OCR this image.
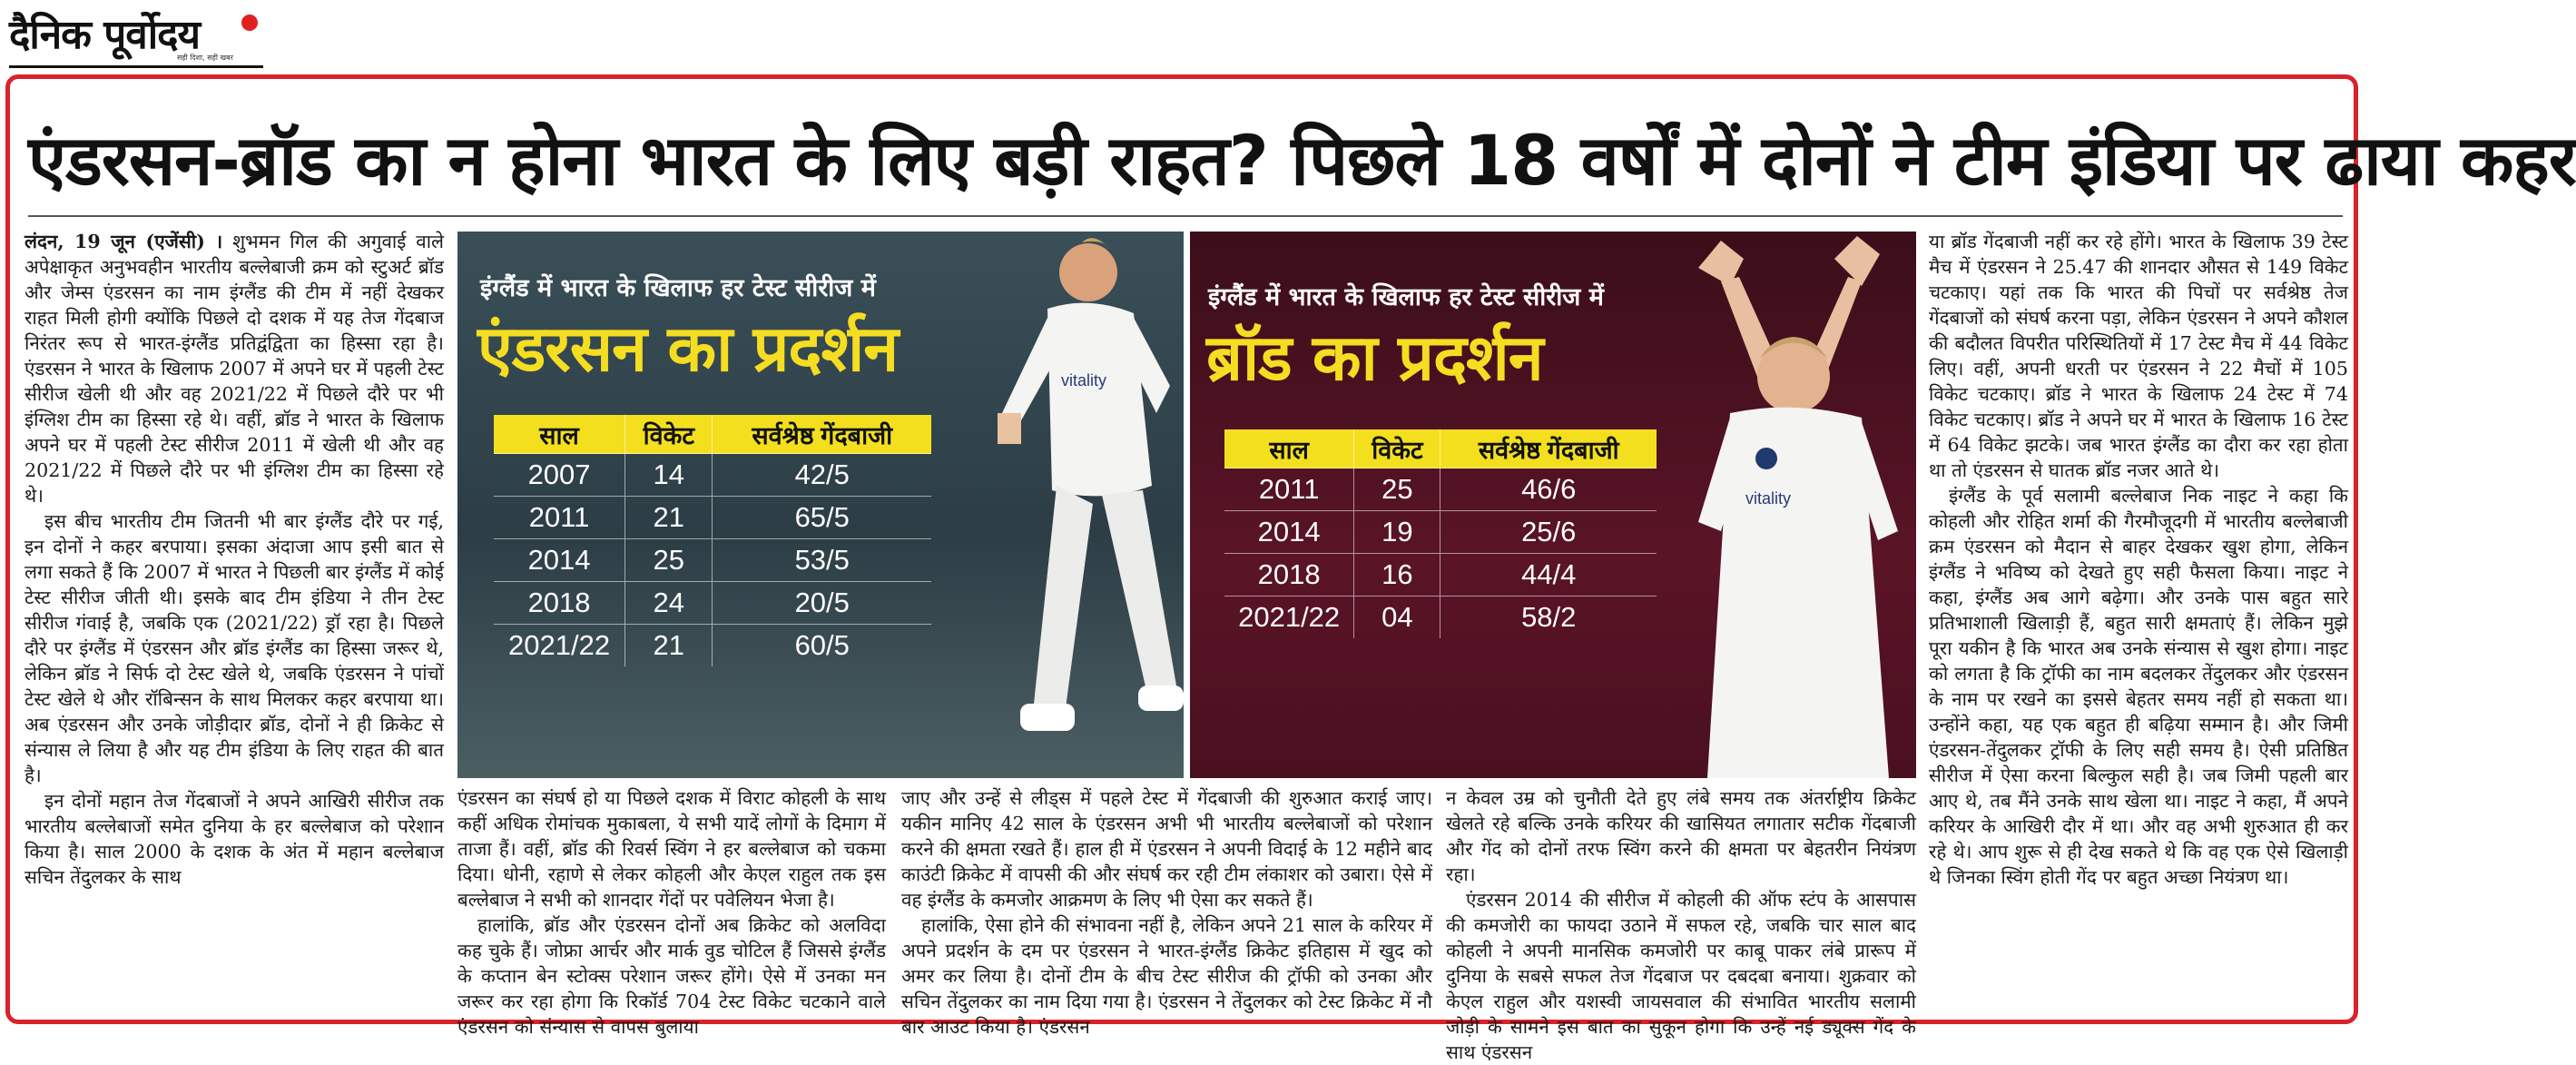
दैनिक पूर्वोदय
सही दिशा, सही खबर
एंडरसन-ब्रॉड का न होना भारत के लिए बड़ी राहत? पिछले 18 वर्षों में दोनों ने टीम इंडिया पर ढाया कहर

लंदन, 19 जून (एजेंसी) । शुभमन गिल की अगुवाई वाले अपेक्षाकृत अनुभवहीन भारतीय बल्लेबाजी क्रम को स्टुअर्ट ब्रॉड और जेम्स एंडरसन का नाम इंग्लैंड की टीम में नहीं देखकर राहत मिली होगी क्योंकि पिछले दो दशक में यह तेज गेंदबाज निरंतर रूप से भारत-इंग्लैंड प्रतिद्वंद्विता का हिस्सा रहा है। एंडरसन ने भारत के खिलाफ 2007 में अपने घर में पहली टेस्ट सीरीज खेली थी और वह 2021/22 में पिछले दौरे पर भी इंग्लिश टीम का हिस्सा रहे थे। वहीं, ब्रॉड ने भारत के खिलाफ अपने घर में पहली टेस्ट सीरीज 2011 में खेली थी और वह 2021/22 में पिछले दौरे पर भी इंग्लिश टीम का हिस्सा रहे थे।

इस बीच भारतीय टीम जितनी भी बार इंग्लैंड दौरे पर गई, इन दोनों ने कहर बरपाया। इसका अंदाजा आप इसी बात से लगा सकते हैं कि 2007 में भारत ने पिछली बार इंग्लैंड में कोई टेस्ट सीरीज जीती थी। इसके बाद टीम इंडिया ने तीन टेस्ट सीरीज गंवाई है, जबकि एक (2021/22) ड्रॉ रहा है। पिछले दौरे पर इंग्लैंड में एंडरसन और ब्रॉड इंग्लैंड का हिस्सा जरूर थे, लेकिन ब्रॉड ने सिर्फ दो टेस्ट खेले थे, जबकि एंडरसन ने पांचों टेस्ट खेले थे और रॉबिन्सन के साथ मिलकर कहर बरपाया था। अब एंडरसन और उनके जोड़ीदार ब्रॉड, दोनों ने ही क्रिकेट से संन्यास ले लिया है और यह टीम इंडिया के लिए राहत की बात है।

इन दोनों महान तेज गेंदबाजों ने अपने आखिरी सीरीज तक भारतीय बल्लेबाजों समेत दुनिया के हर बल्लेबाज को परेशान किया है। साल 2000 के दशक के अंत में महान बल्लेबाज सचिन तेंदुलकर के साथ

vitality
इंग्लैंड में भारत के खिलाफ हर टेस्ट सीरीज में
एंडरसन का प्रदर्शन
साल	विकेट	सर्वश्रेष्ठ गेंदबाजी
2007	14	42/5
2011	21	65/5
2014	25	53/5
2018	24	20/5
2021/22	21	60/5
vitality
इंग्लैंड में भारत के खिलाफ हर टेस्ट सीरीज में
ब्रॉड का प्रदर्शन
साल	विकेट	सर्वश्रेष्ठ गेंदबाजी
2011	25	46/6
2014	19	25/6
2018	16	44/4
2021/22	04	58/2

एंडरसन का संघर्ष हो या पिछले दशक में विराट कोहली के साथ कहीं अधिक रोमांचक मुकाबला, ये सभी यादें लोगों के दिमाग में ताजा हैं। वहीं, ब्रॉड की रिवर्स स्विंग ने हर बल्लेबाज को चकमा दिया। धोनी, रहाणे से लेकर कोहली और केएल राहुल तक इस बल्लेबाज ने सभी को शानदार गेंदों पर पवेलियन भेजा है।

हालांकि, ब्रॉड और एंडरसन दोनों अब क्रिकेट को अलविदा कह चुके हैं। जोफ्रा आर्चर और मार्क वुड चोटिल हैं जिससे इंग्लैंड के कप्तान बेन स्टोक्स परेशान जरूर होंगे। ऐसे में उनका मन जरूर कर रहा होगा कि रिकॉर्ड 704 टेस्ट विकेट चटकाने वाले एंडरसन को संन्यास से वापस बुलाया

जाए और उन्हें से लीड्स में पहले टेस्ट में गेंदबाजी की शुरुआत कराई जाए। यकीन मानिए 42 साल के एंडरसन अभी भी भारतीय बल्लेबाजों को परेशान करने की क्षमता रखते हैं। हाल ही में एंडरसन ने अपनी विदाई के 12 महीने बाद काउंटी क्रिकेट में वापसी की और संघर्ष कर रही टीम लंकाशर को उबारा। ऐसे में वह इंग्लैंड के कमजोर आक्रमण के लिए भी ऐसा कर सकते हैं।

हालांकि, ऐसा होने की संभावना नहीं है, लेकिन अपने 21 साल के करियर में अपने प्रदर्शन के दम पर एंडरसन ने भारत-इंग्लैंड क्रिकेट इतिहास में खुद को अमर कर लिया है। दोनों टीम के बीच टेस्ट सीरीज की ट्रॉफी को उनका और सचिन तेंदुलकर का नाम दिया गया है। एंडरसन ने तेंदुलकर को टेस्ट क्रिकेट में नौ बार आउट किया है। एंडरसन

न केवल उम्र को चुनौती देते हुए लंबे समय तक अंतर्राष्ट्रीय क्रिकेट खेलते रहे बल्कि उनके करियर की खासियत लगातार सटीक गेंदबाजी और गेंद को दोनों तरफ स्विंग करने की क्षमता पर बेहतरीन नियंत्रण रहा।

एंडरसन 2014 की सीरीज में कोहली की ऑफ स्टंप के आसपास की कमजोरी का फायदा उठाने में सफल रहे, जबकि चार साल बाद कोहली ने अपनी मानसिक कमजोरी पर काबू पाकर लंबे प्रारूप में दुनिया के सबसे सफल तेज गेंदबाज पर दबदबा बनाया। शुक्रवार को केएल राहुल और यशस्वी जायसवाल की संभावित भारतीय सलामी जोड़ी के सामने इस बात का सुकून होगा कि उन्हें नई ड्यूक्स गेंद के साथ एंडरसन

या ब्रॉड गेंदबाजी नहीं कर रहे होंगे। भारत के खिलाफ 39 टेस्ट मैच में एंडरसन ने 25.47 की शानदार औसत से 149 विकेट चटकाए। यहां तक कि भारत की पिचों पर सर्वश्रेष्ठ तेज गेंदबाजों को संघर्ष करना पड़ा, लेकिन एंडरसन ने अपने कौशल की बदौलत विपरीत परिस्थितियों में 17 टेस्ट मैच में 44 विकेट लिए। वहीं, अपनी धरती पर एंडरसन ने 22 मैचों में 105 विकेट चटकाए। ब्रॉड ने भारत के खिलाफ 24 टेस्ट में 74 विकेट चटकाए। ब्रॉड ने अपने घर में भारत के खिलाफ 16 टेस्ट में 64 विकेट झटके। जब भारत इंग्लैंड का दौरा कर रहा होता था तो एंडरसन से घातक ब्रॉड नजर आते थे।

इंग्लैंड के पूर्व सलामी बल्लेबाज निक नाइट ने कहा कि कोहली और रोहित शर्मा की गैरमौजूदगी में भारतीय बल्लेबाजी क्रम एंडरसन को मैदान से बाहर देखकर खुश होगा, लेकिन इंग्लैंड ने भविष्य को देखते हुए सही फैसला किया। नाइट ने कहा, इंग्लैंड अब आगे बढ़ेगा। और उनके पास बहुत सारे प्रतिभाशाली खिलाड़ी हैं, बहुत सारी क्षमताएं हैं। लेकिन मुझे पूरा यकीन है कि भारत अब उनके संन्यास से खुश होगा। नाइट को लगता है कि ट्रॉफी का नाम बदलकर तेंदुलकर और एंडरसन के नाम पर रखने का इससे बेहतर समय नहीं हो सकता था। उन्होंने कहा, यह एक बहुत ही बढ़िया सम्मान है। और जिमी एंडरसन-तेंदुलकर ट्रॉफी के लिए सही समय है। ऐसी प्रतिष्ठित सीरीज में ऐसा करना बिल्कुल सही है। जब जिमी पहली बार आए थे, तब मैंने उनके साथ खेला था। नाइट ने कहा, मैं अपने करियर के आखिरी दौर में था। और वह अभी शुरुआत ही कर रहे थे। आप शुरू से ही देख सकते थे कि वह एक ऐसे खिलाड़ी थे जिनका स्विंग होती गेंद पर बहुत अच्छा नियंत्रण था।
